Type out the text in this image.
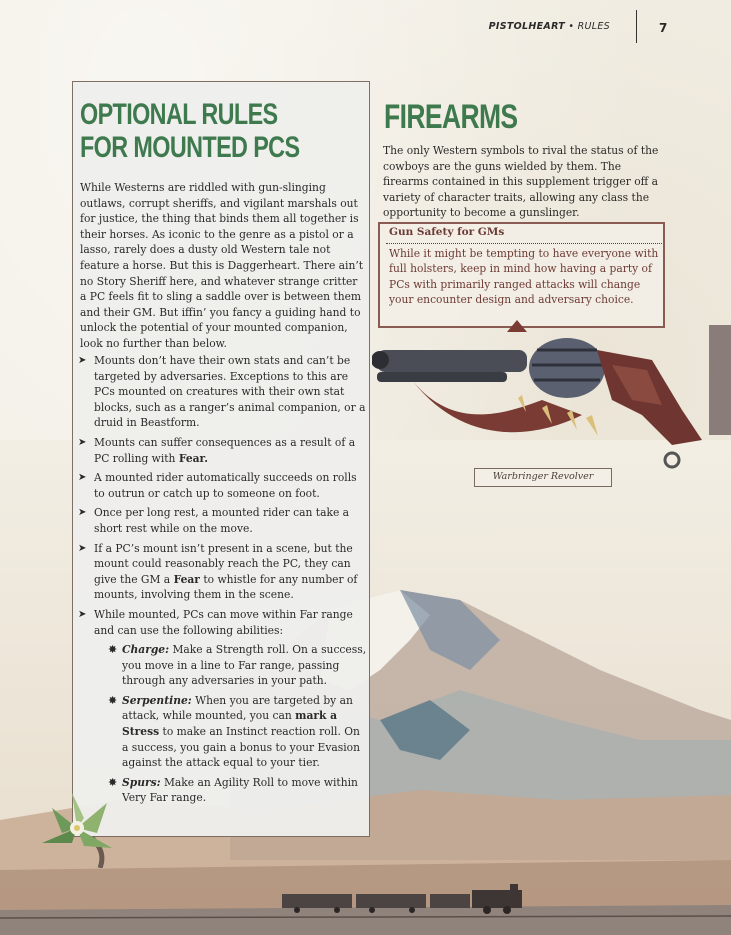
PISTOLHEART • RULES	7
OPTIONAL RULES
FOR MOUNTED PCS
While Westerns are riddled with gun-slinging outlaws, corrupt sheriffs, and vigilant marshals out for justice, the thing that binds them all together is their horses. As iconic to the genre as a pistol or a lasso, rarely does a dusty old Western tale not feature a horse. But this is Daggerheart. There ain’t no Story Sheriff here, and whatever strange critter a PC feels fit to sling a saddle over is between them and their GM. But iffin’ you fancy a guiding hand to unlock the potential of your mounted companion, look no further than below.
➤ Mounts don’t have their own stats and can’t be targeted by adversaries. Exceptions to this are PCs mounted on creatures with their own stat blocks, such as a ranger’s animal companion, or a druid in Beastform.
➤ Mounts can suffer consequences as a result of a PC rolling with Fear.
➤ A mounted rider automatically succeeds on rolls to outrun or catch up to someone on foot.
➤ Once per long rest, a mounted rider can take a short rest while on the move.
➤ If a PC’s mount isn’t present in a scene, but the mount could reasonably reach the PC, they can give the GM a Fear to whistle for any number of mounts, involving them in the scene.
➤ While mounted, PCs can move within Far range and can use the following abilities:
✸ Charge: Make a Strength roll. On a success, you move in a line to Far range, passing through any adversaries in your path.
✸ Serpentine: When you are targeted by an attack, while mounted, you can mark a Stress to make an Instinct reaction roll. On a success, you gain a bonus to your Evasion against the attack equal to your tier.
✸ Spurs: Make an Agility Roll to move within Very Far range.
FIREARMS
The only Western symbols to rival the status of the cowboys are the guns wielded by them. The firearms contained in this supplement trigger off a variety of character traits, allowing any class the opportunity to become a gunslinger.
Gun Safety for GMs
While it might be tempting to have everyone with full holsters, keep in mind how having a party of PCs with primarily ranged attacks will change your encounter design and adversary choice.
Warbringer Revolver
